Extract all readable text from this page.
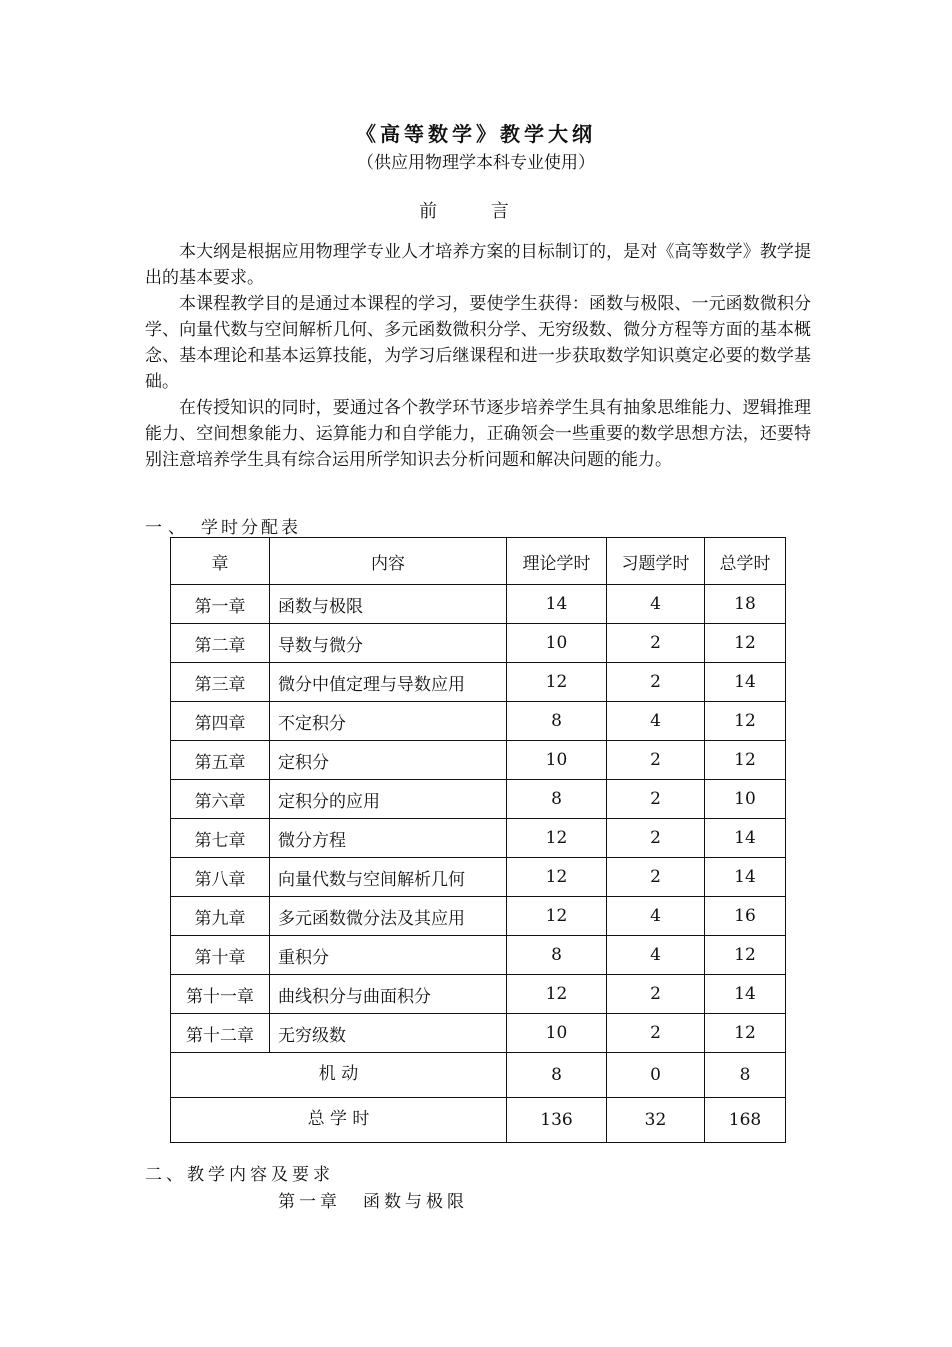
《高等数学》教学大纲
（供应用物理学本科专业使用）
前 言

本大纲是根据应用物理学专业人才培养方案的目标制订的，是对《高等数学》教学提出的基本要求。

本课程教学目的是通过本课程的学习，要使学生获得：函数与极限、一元函数微积分学、向量代数与空间解析几何、多元函数微积分学、无穷级数、微分方程等方面的基本概念、基本理论和基本运算技能，为学习后继课程和进一步获取数学知识奠定必要的数学基础。

在传授知识的同时，要通过各个教学环节逐步培养学生具有抽象思维能力、逻辑推理能力、空间想象能力、运算能力和自学能力，正确领会一些重要的数学思想方法，还要特别注意培养学生具有综合运用所学知识去分析问题和解决问题的能力。

一、 学时分配表
章	内容	理论学时	习题学时	总学时
第一章	函数与极限	14	4	18
第二章	导数与微分	10	2	12
第三章	微分中值定理与导数应用	12	2	14
第四章	不定积分	8	4	12
第五章	定积分	10	2	12
第六章	定积分的应用	8	2	10
第七章	微分方程	12	2	14
第八章	向量代数与空间解析几何	12	2	14
第九章	多元函数微分法及其应用	12	4	16
第十章	重积分	8	4	12
第十一章	曲线积分与曲面积分	12	2	14
第十二章	无穷级数	10	2	12
机 动		8	0	8
总 学 时		136	32	168
二、教学内容及要求
第一章 函数与极限
